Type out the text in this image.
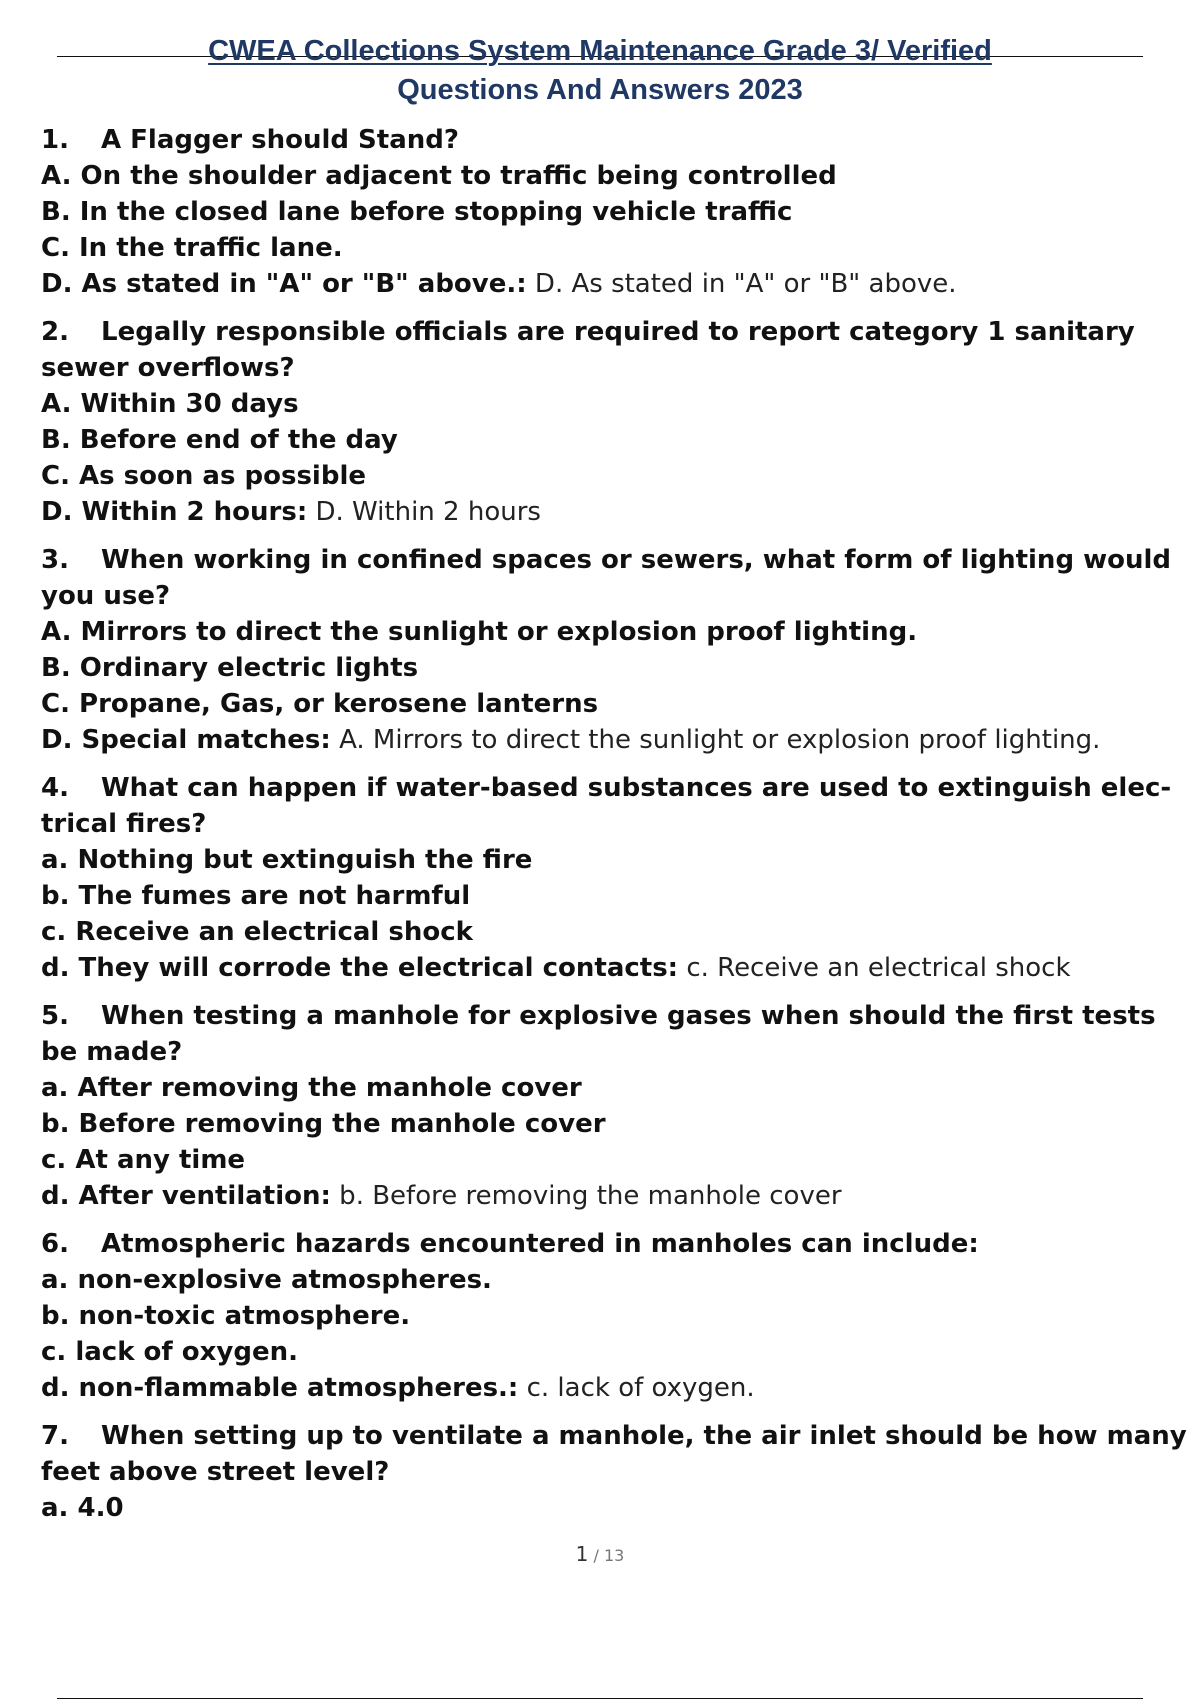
CWEA Collections System Maintenance Grade 3/ Verified
Questions And Answers 2023
1. A Flagger should Stand?
A. On the shoulder adjacent to traffic being controlled
B. In the closed lane before stopping vehicle traffic
C. In the traffic lane.
D. As stated in "A" or "B" above.: D. As stated in "A" or "B" above.
2. Legally responsible officials are required to report category 1 sanitary sewer overflows?
A. Within 30 days
B. Before end of the day
C. As soon as possible
D. Within 2 hours: D. Within 2 hours
3. When working in confined spaces or sewers, what form of lighting would you use?
A. Mirrors to direct the sunlight or explosion proof lighting.
B. Ordinary electric lights
C. Propane, Gas, or kerosene lanterns
D. Special matches: A. Mirrors to direct the sunlight or explosion proof lighting.
4. What can happen if water-based substances are used to extinguish elec- trical fires?
a. Nothing but extinguish the fire
b. The fumes are not harmful
c. Receive an electrical shock
d. They will corrode the electrical contacts: c. Receive an electrical shock
5. When testing a manhole for explosive gases when should the first tests be made?
a. After removing the manhole cover
b. Before removing the manhole cover
c. At any time
d. After ventilation: b. Before removing the manhole cover
6. Atmospheric hazards encountered in manholes can include:
a. non-explosive atmospheres.
b. non-toxic atmosphere.
c. lack of oxygen.
d. non-flammable atmospheres.: c. lack of oxygen.
7. When setting up to ventilate a manhole, the air inlet should be how many feet above street level?
a. 4.0
1 / 13
